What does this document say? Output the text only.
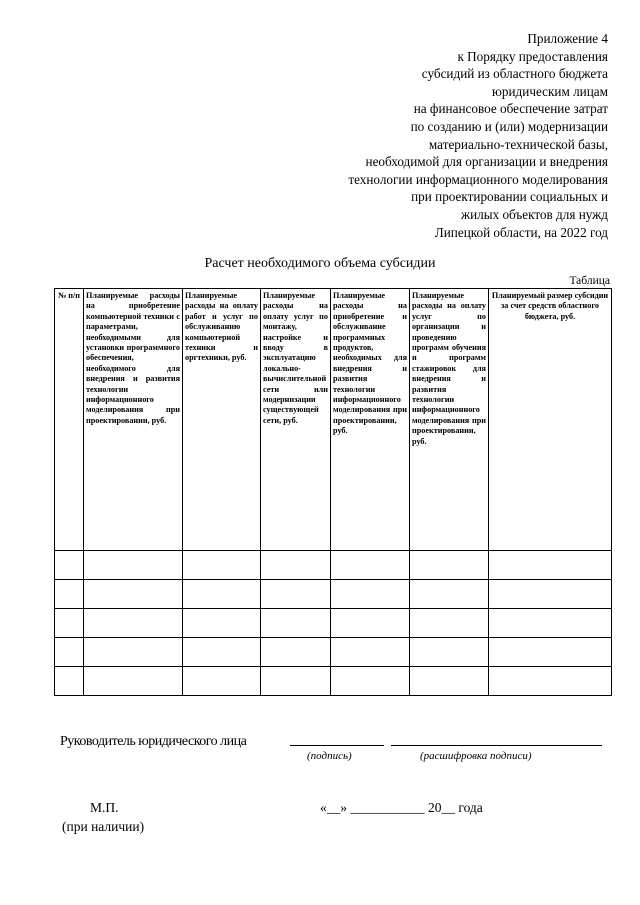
Приложение 4
к Порядку предоставления
субсидий из областного бюджета
юридическим лицам
на финансовое обеспечение затрат
по созданию и (или) модернизации
материально-технической базы,
необходимой для организации и внедрения
технологии информационного моделирования
при проектировании социальных и
жилых объектов для нужд
Липецкой области, на 2022 год
Расчет необходимого объема субсидии
Таблица
№ п/п	Планируемые расходы на приобретение компьютерной техники с параметрами, необходимыми для установки программного обеспечения, необходимого для внедрения и развития технологии информационного моделирования при проектировании, руб.	Планируемые расходы на оплату работ и услуг по обслуживанию компьютерной техники и оргтехники, руб.	Планируемые расходы на оплату услуг по монтажу, настройке и вводу в эксплуатацию локально-вычислительной сети или модернизации существующей сети, руб.	Планируемые расходы на приобретение и обслуживание программных продуктов, необходимых для внедрения и развития технологии информационного моделирования при проектировании, руб.	Планируемые расходы на оплату услуг по организации и проведению программ обучения и программ стажировок для внедрения и развития технологии информационного моделирования при проектировании, руб.	Планируемый размер субсидии за счет средств областного бюджета, руб.

Руководитель юридического лица
(подпись)	(расшифровка подписи)
М.П.
(при наличии)
«__» ___________ 20__ года
